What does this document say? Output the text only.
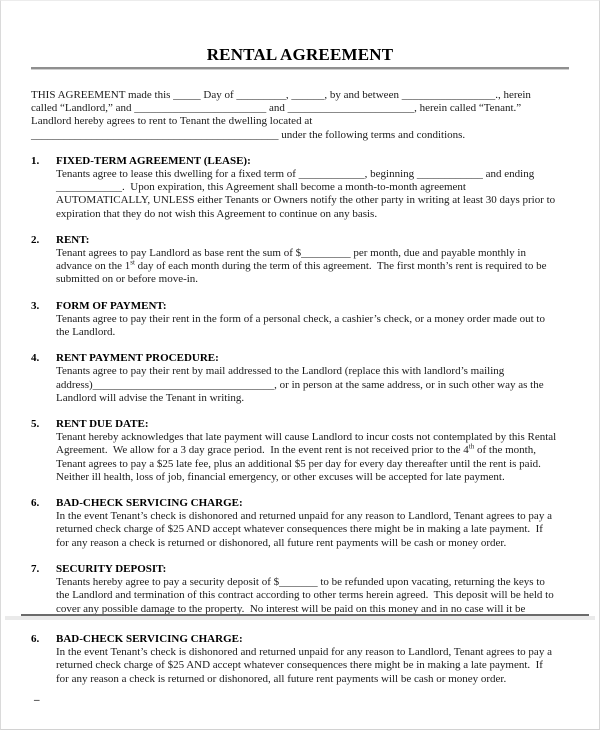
RENTAL AGREEMENT
THIS AGREEMENT made this _____ Day of _________, ______, by and between _________________., herein
called “Landlord,” and ________________________ and _______________________, herein called “Tenant.”
Landlord hereby agrees to rent to Tenant the dwelling located at
_____________________________________________ under the following terms and conditions.
1.	FIXED-TERM AGREEMENT (LEASE):
Tenants agree to lease this dwelling for a fixed term of ____________, beginning ____________ and ending
____________.  Upon expiration, this Agreement shall become a month-to-month agreement
AUTOMATICALLY, UNLESS either Tenants or Owners notify the other party in writing at least 30 days prior to
expiration that they do not wish this Agreement to continue on any basis.
2.	RENT:
Tenant agrees to pay Landlord as base rent the sum of $_________ per month, due and payable monthly in
advance on the 1st day of each month during the term of this agreement.  The first month’s rent is required to be
submitted on or before move-in.
3.	FORM OF PAYMENT:
Tenants agree to pay their rent in the form of a personal check, a cashier’s check, or a money order made out to
the Landlord.
4.	RENT PAYMENT PROCEDURE:
Tenants agree to pay their rent by mail addressed to the Landlord (replace this with landlord’s mailing
address)_________________________________, or in person at the same address, or in such other way as the
Landlord will advise the Tenant in writing.
5.	RENT DUE DATE:
Tenant hereby acknowledges that late payment will cause Landlord to incur costs not contemplated by this Rental
Agreement.  We allow for a 3 day grace period.  In the event rent is not received prior to the 4th of the month,
Tenant agrees to pay a $25 late fee, plus an additional $5 per day for every day thereafter until the rent is paid.
Neither ill health, loss of job, financial emergency, or other excuses will be accepted for late payment.
6.	BAD-CHECK SERVICING CHARGE:
In the event Tenant’s check is dishonored and returned unpaid for any reason to Landlord, Tenant agrees to pay a
returned check charge of $25 AND accept whatever consequences there might be in making a late payment.  If
for any reason a check is returned or dishonored, all future rent payments will be cash or money order.
7.	SECURITY DEPOSIT:
Tenants hereby agree to pay a security deposit of $_______ to be refunded upon vacating, returning the keys to
the Landlord and termination of this contract according to other terms herein agreed.  This deposit will be held to
cover any possible damage to the property.  No interest will be paid on this money and in no case will it be
6.	BAD-CHECK SERVICING CHARGE:
In the event Tenant’s check is dishonored and returned unpaid for any reason to Landlord, Tenant agrees to pay a
returned check charge of $25 AND accept whatever consequences there might be in making a late payment.  If
for any reason a check is returned or dishonored, all future rent payments will be cash or money order.
–
